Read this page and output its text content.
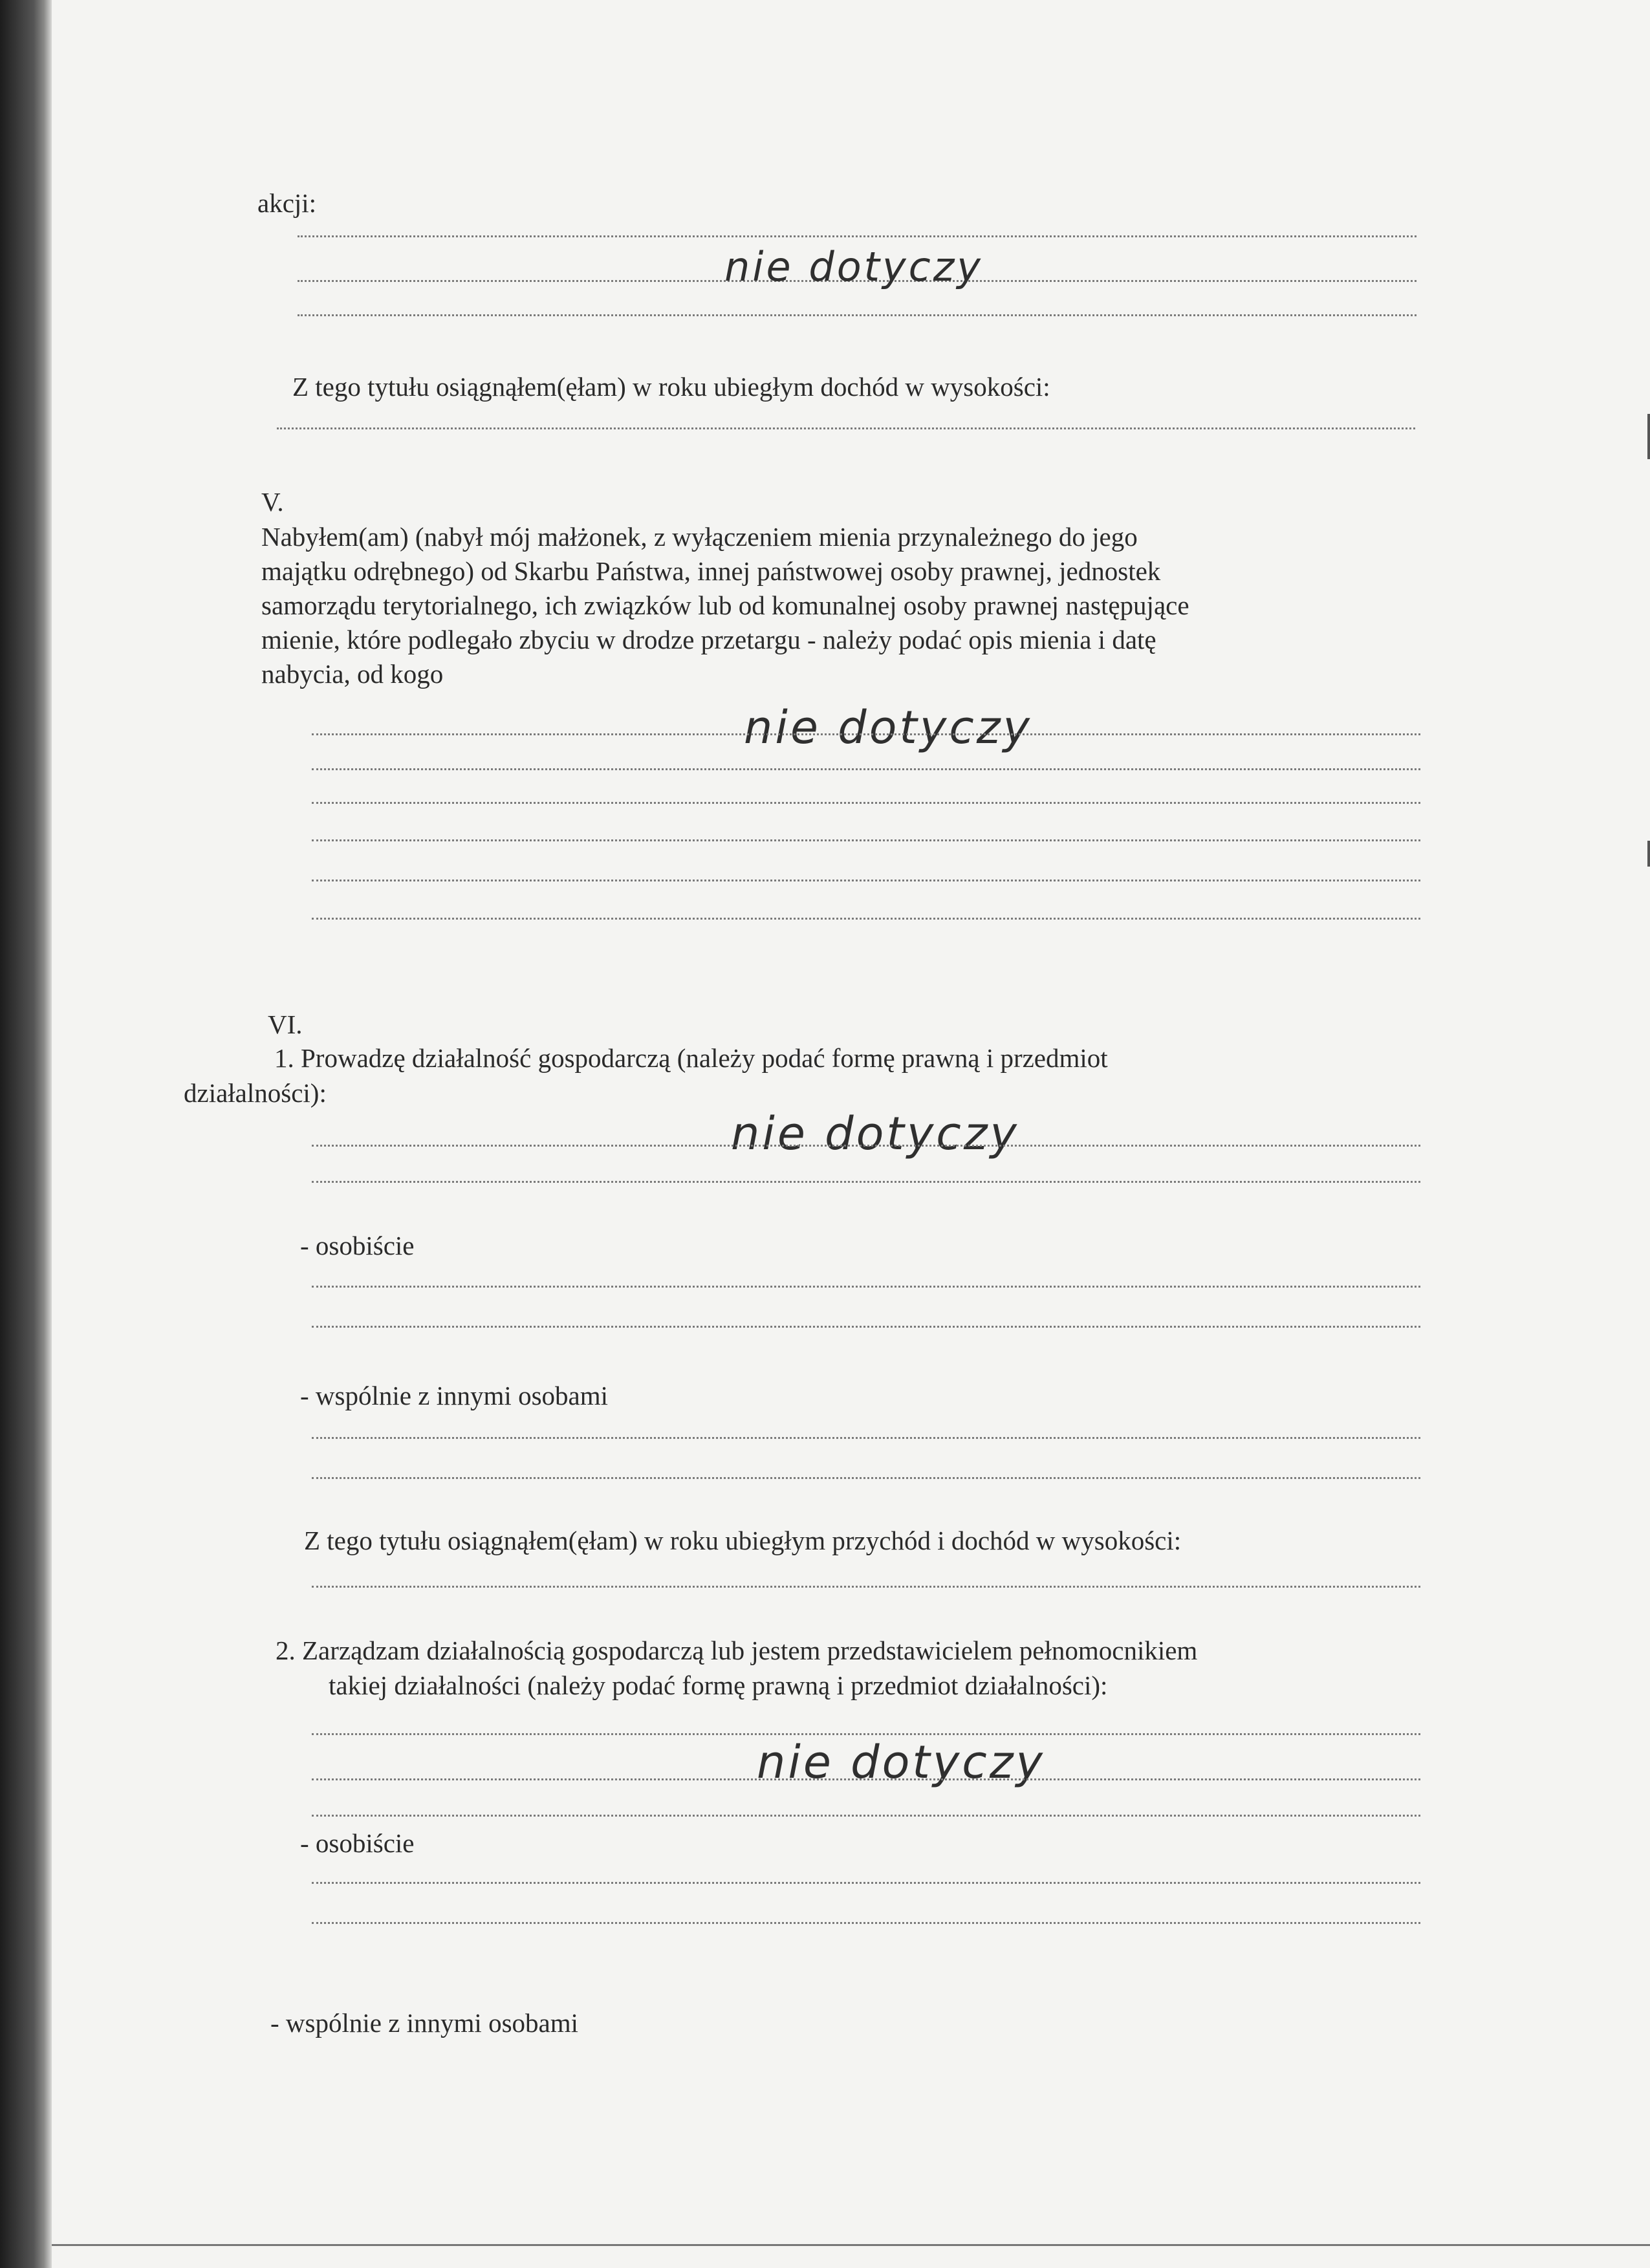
akcji:
nie dotyczy
Z tego tytułu osiągnąłem(ęłam) w roku ubiegłym dochód w wysokości:
V.
Nabyłem(am) (nabył mój małżonek, z wyłączeniem mienia przynależnego do jego
majątku odrębnego) od Skarbu Państwa, innej państwowej osoby prawnej, jednostek
samorządu terytorialnego, ich związków lub od komunalnej osoby prawnej następujące
mienie, które podlegało zbyciu w drodze przetargu - należy podać opis mienia i datę
nabycia, od kogo
nie dotyczy
VI.
1. Prowadzę działalność gospodarczą (należy podać formę prawną i przedmiot
działalności):
nie dotyczy
- osobiście
- wspólnie z innymi osobami
Z tego tytułu osiągnąłem(ęłam) w roku ubiegłym przychód i dochód w wysokości:
2. Zarządzam działalnością gospodarczą lub jestem przedstawicielem pełnomocnikiem
takiej działalności (należy podać formę prawną i przedmiot działalności):
nie dotyczy
- osobiście
- wspólnie z innymi osobami
